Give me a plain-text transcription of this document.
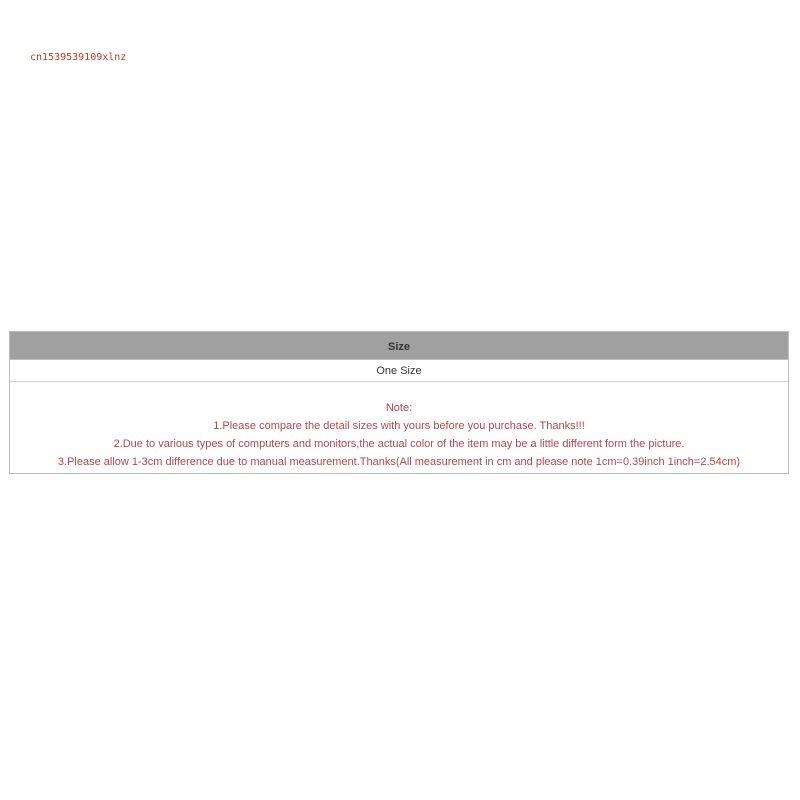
cn1539539109xlnz
Size
One Size
Note:
1.Please compare the detail sizes with yours before you purchase. Thanks!!!
2.Due to various types of computers and monitors,the actual color of the item may be a little different form the picture.
3.Please allow 1-3cm difference due to manual measurement.Thanks(All measurement in cm and please note 1cm=0.39inch 1inch=2.54cm)
